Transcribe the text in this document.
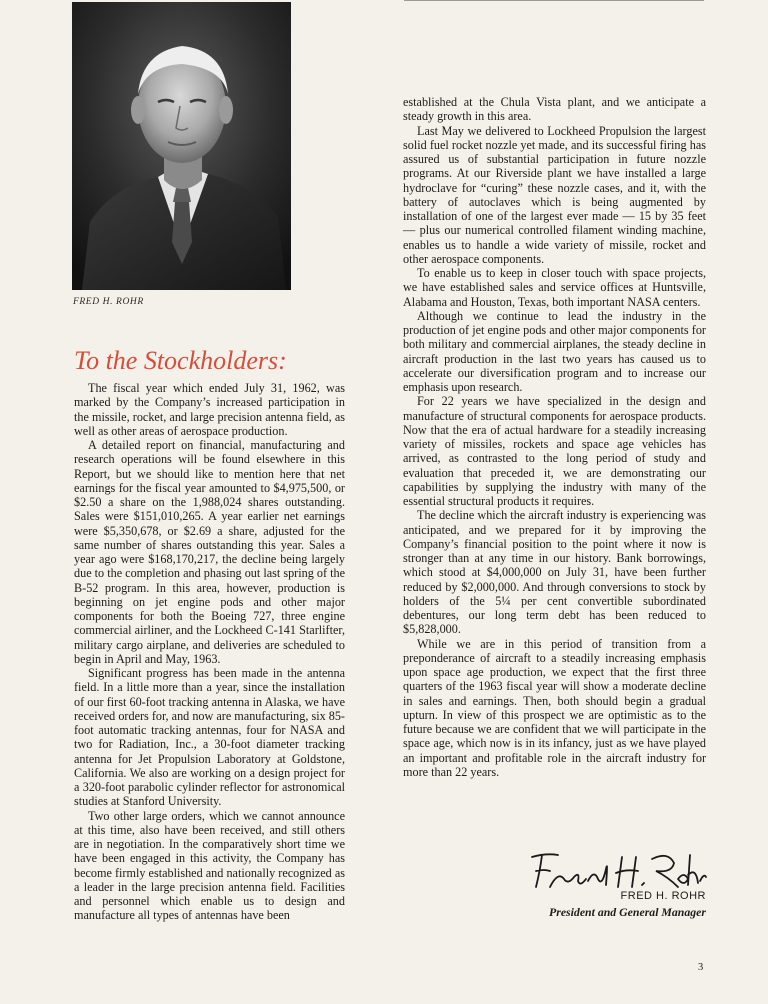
FRED H. ROHR
To the Stockholders:

The fiscal year which ended July 31, 1962, was marked by the Company’s increased participation in the missile, rocket, and large precision antenna field, as well as other areas of aerospace production.

A detailed report on financial, manufacturing and research operations will be found elsewhere in this Report, but we should like to mention here that net earnings for the fiscal year amounted to $4,975,500, or $2.50 a share on the 1,988,024 shares outstanding. Sales were $151,010,265. A year earlier net earnings were $5,350,678, or $2.69 a share, adjusted for the same number of shares outstanding this year. Sales a year ago were $168,170,217, the decline being largely due to the completion and phasing out last spring of the B-52 program. In this area, however, production is beginning on jet engine pods and other major components for both the Boeing 727, three engine commercial airliner, and the Lockheed C-141 Starlifter, military cargo airplane, and deliveries are scheduled to begin in April and May, 1963.

Significant progress has been made in the antenna field. In a little more than a year, since the installation of our first 60-foot tracking antenna in Alaska, we have received orders for, and now are manufacturing, six 85-foot automatic tracking antennas, four for NASA and two for Radiation, Inc., a 30-foot diameter tracking antenna for Jet Propulsion Laboratory at Goldstone, California. We also are working on a design project for a 320-foot parabolic cylinder reflector for astronomical studies at Stanford University.

Two other large orders, which we cannot announce at this time, also have been received, and still others are in negotiation. In the comparatively short time we have been engaged in this activity, the Company has become firmly established and nationally recognized as a leader in the large precision antenna field. Facilities and personnel which enable us to design and manufacture all types of antennas have been

established at the Chula Vista plant, and we anticipate a steady growth in this area.

Last May we delivered to Lockheed Propulsion the largest solid fuel rocket nozzle yet made, and its successful firing has assured us of substantial participation in future nozzle programs. At our Riverside plant we have installed a large hydroclave for “curing” these nozzle cases, and it, with the battery of autoclaves which is being augmented by installation of one of the largest ever made — 15 by 35 feet — plus our numerical controlled filament winding machine, enables us to handle a wide variety of missile, rocket and other aerospace components.

To enable us to keep in closer touch with space projects, we have established sales and service offices at Huntsville, Alabama and Houston, Texas, both important NASA centers.

Although we continue to lead the industry in the production of jet engine pods and other major components for both military and commercial airplanes, the steady decline in aircraft production in the last two years has caused us to accelerate our diversification program and to increase our emphasis upon research.

For 22 years we have specialized in the design and manufacture of structural components for aerospace products. Now that the era of actual hardware for a steadily increasing variety of missiles, rockets and space age vehicles has arrived, as contrasted to the long period of study and evaluation that preceded it, we are demonstrating our capabilities by supplying the industry with many of the essential structural products it requires.

The decline which the aircraft industry is experiencing was anticipated, and we prepared for it by improving the Company’s financial position to the point where it now is stronger than at any time in our history. Bank borrowings, which stood at $4,000,000 on July 31, have been further reduced by $2,000,000. And through conversions to stock by holders of the 5¼ per cent convertible subordinated debentures, our long term debt has been reduced to $5,828,000.

While we are in this period of transition from a preponderance of aircraft to a steadily increasing emphasis upon space age production, we expect that the first three quarters of the 1963 fiscal year will show a moderate decline in sales and earnings. Then, both should begin a gradual upturn. In view of this prospect we are optimistic as to the future because we are confident that we will participate in the space age, which now is in its infancy, just as we have played an important and profitable role in the aircraft industry for more than 22 years.

FRED H. ROHR
President and General Manager
3
